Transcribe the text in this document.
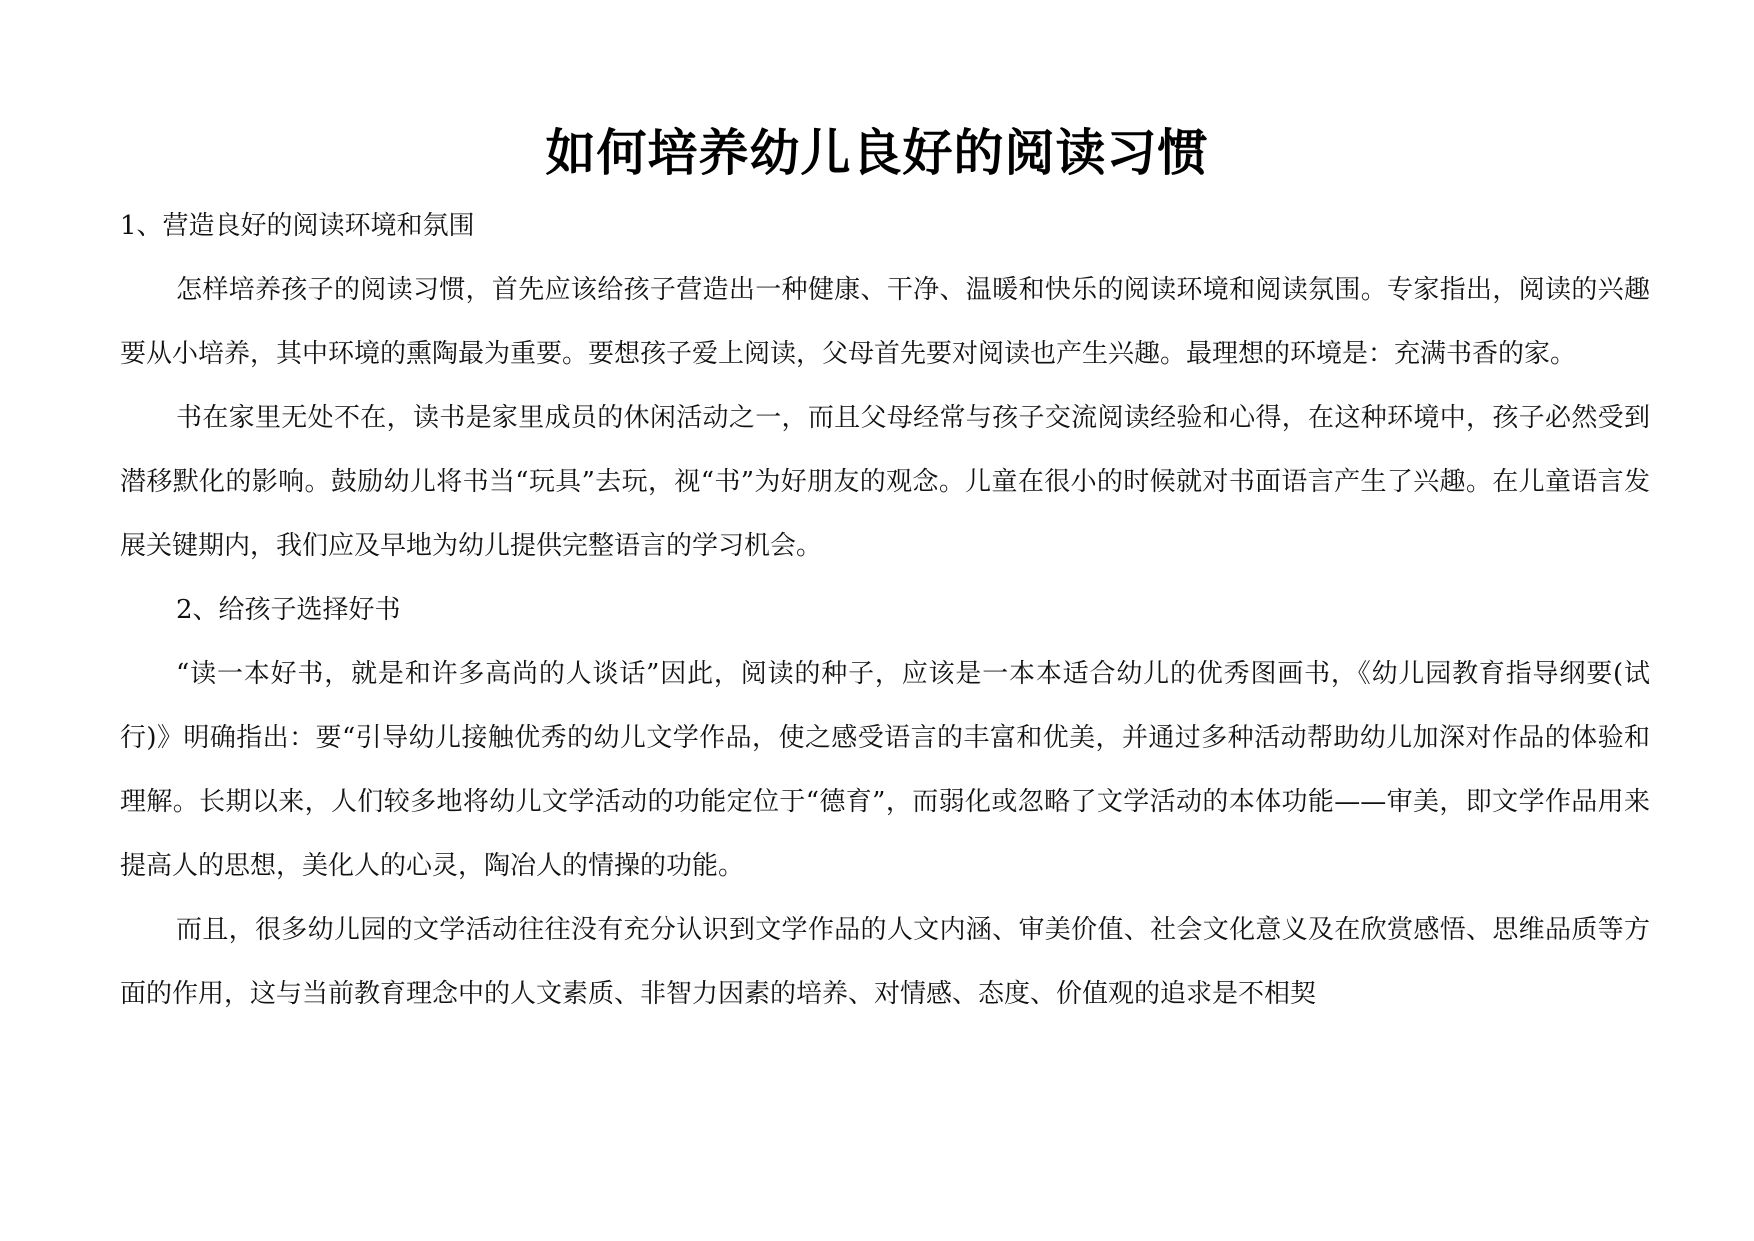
如何培养幼儿良好的阅读习惯

1、营造良好的阅读环境和氛围

怎样培养孩子的阅读习惯，首先应该给孩子营造出一种健康、干净、温暖和快乐的阅读环境和阅读氛围。专家指出，阅读的兴趣要从小培养，其中环境的熏陶最为重要。要想孩子爱上阅读，父母首先要对阅读也产生兴趣。最理想的环境是：充满书香的家。

书在家里无处不在，读书是家里成员的休闲活动之一，而且父母经常与孩子交流阅读经验和心得，在这种环境中，孩子必然受到潜移默化的影响。鼓励幼儿将书当“玩具”去玩，视“书”为好朋友的观念。儿童在很小的时候就对书面语言产生了兴趣。在儿童语言发展关键期内，我们应及早地为幼儿提供完整语言的学习机会。

2、给孩子选择好书

“读一本好书，就是和许多高尚的人谈话”因此，阅读的种子，应该是一本本适合幼儿的优秀图画书，《幼儿园教育指导纲要(试行)》明确指出：要“引导幼儿接触优秀的幼儿文学作品，使之感受语言的丰富和优美，并通过多种活动帮助幼儿加深对作品的体验和理解。长期以来，人们较多地将幼儿文学活动的功能定位于“德育”，而弱化或忽略了文学活动的本体功能——审美，即文学作品用来提高人的思想，美化人的心灵，陶冶人的情操的功能。

而且，很多幼儿园的文学活动往往没有充分认识到文学作品的人文内涵、审美价值、社会文化意义及在欣赏感悟、思维品质等方面的作用，这与当前教育理念中的人文素质、非智力因素的培养、对情感、态度、价值观的追求是不相契
